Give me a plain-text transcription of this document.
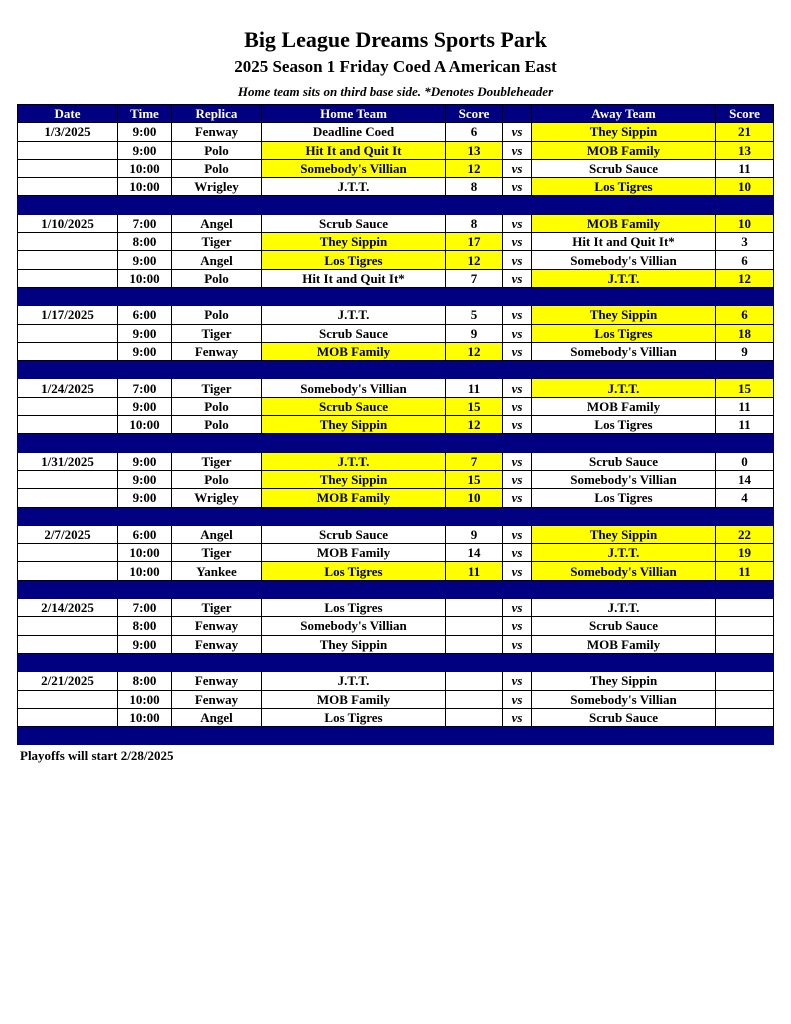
Big League Dreams Sports Park
2025 Season 1 Friday Coed A American East
Home team sits on third base side. *Denotes Doubleheader
Date	Time	Replica	Home Team	Score		Away Team	Score
1/3/2025	9:00	Fenway	Deadline Coed	6	vs	They Sippin	21
	9:00	Polo	Hit It and Quit It	13	vs	MOB Family	13
	10:00	Polo	Somebody's Villian	12	vs	Scrub Sauce	11
	10:00	Wrigley	J.T.T.	8	vs	Los Tigres	10

1/10/2025	7:00	Angel	Scrub Sauce	8	vs	MOB Family	10
	8:00	Tiger	They Sippin	17	vs	Hit It and Quit It*	3
	9:00	Angel	Los Tigres	12	vs	Somebody's Villian	6
	10:00	Polo	Hit It and Quit It*	7	vs	J.T.T.	12

1/17/2025	6:00	Polo	J.T.T.	5	vs	They Sippin	6
	9:00	Tiger	Scrub Sauce	9	vs	Los Tigres	18
	9:00	Fenway	MOB Family	12	vs	Somebody's Villian	9

1/24/2025	7:00	Tiger	Somebody's Villian	11	vs	J.T.T.	15
	9:00	Polo	Scrub Sauce	15	vs	MOB Family	11
	10:00	Polo	They Sippin	12	vs	Los Tigres	11

1/31/2025	9:00	Tiger	J.T.T.	7	vs	Scrub Sauce	0
	9:00	Polo	They Sippin	15	vs	Somebody's Villian	14
	9:00	Wrigley	MOB Family	10	vs	Los Tigres	4

2/7/2025	6:00	Angel	Scrub Sauce	9	vs	They Sippin	22
	10:00	Tiger	MOB Family	14	vs	J.T.T.	19
	10:00	Yankee	Los Tigres	11	vs	Somebody's Villian	11

2/14/2025	7:00	Tiger	Los Tigres		vs	J.T.T.	
	8:00	Fenway	Somebody's Villian		vs	Scrub Sauce	
	9:00	Fenway	They Sippin		vs	MOB Family	

2/21/2025	8:00	Fenway	J.T.T.		vs	They Sippin	
	10:00	Fenway	MOB Family		vs	Somebody's Villian	
	10:00	Angel	Los Tigres		vs	Scrub Sauce	

Playoffs will start 2/28/2025
